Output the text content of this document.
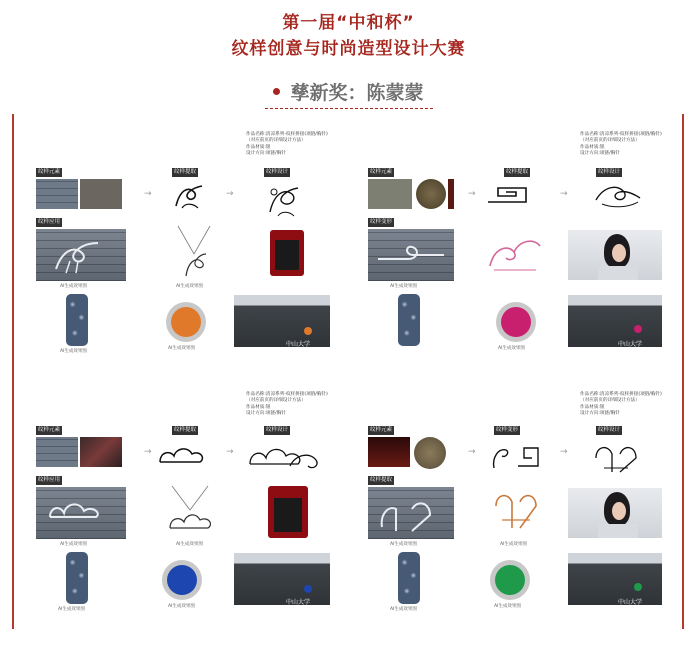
第一届“中和杯”
纹样创意与时尚造型设计大赛
孳新奖：陈蒙蒙
作品名称:清凉系列-纹样拼接(项链/胸针)
（对应前页的详细设计方法）
作品材质:银
设计方向:项链/胸针
纹样元素
→
纹样提取
→
纹样设计
纹样应用
AI生成效果图	AI生成效果图
AI生成效果图
AI生成效果图
中山大学
作品名称:清凉系列-纹样拼接(项链/胸针)
（对应前页的详细设计方法）
作品材质:银
设计方向:项链/胸针
纹样元素
→
纹样提取
→
纹样设计
纹样变形
AI生成效果图
AI生成效果图
中山大学
作品名称:清凉系列-纹样拼接(项链/胸针)
（对应前页的详细设计方法）
作品材质:银
设计方向:项链/胸针
纹样元素
→
纹样提取
→
纹样设计
纹样应用
AI生成效果图	AI生成效果图
AI生成效果图
AI生成效果图
中山大学
作品名称:清凉系列-纹样拼接(项链/胸针)
（对应前页的详细设计方法）
作品材质:银
设计方向:项链/胸针
纹样元素
→
纹样变形
→
纹样设计
纹样提取
AI生成效果图	AI生成效果图
AI生成效果图
AI生成效果图
中山大学
